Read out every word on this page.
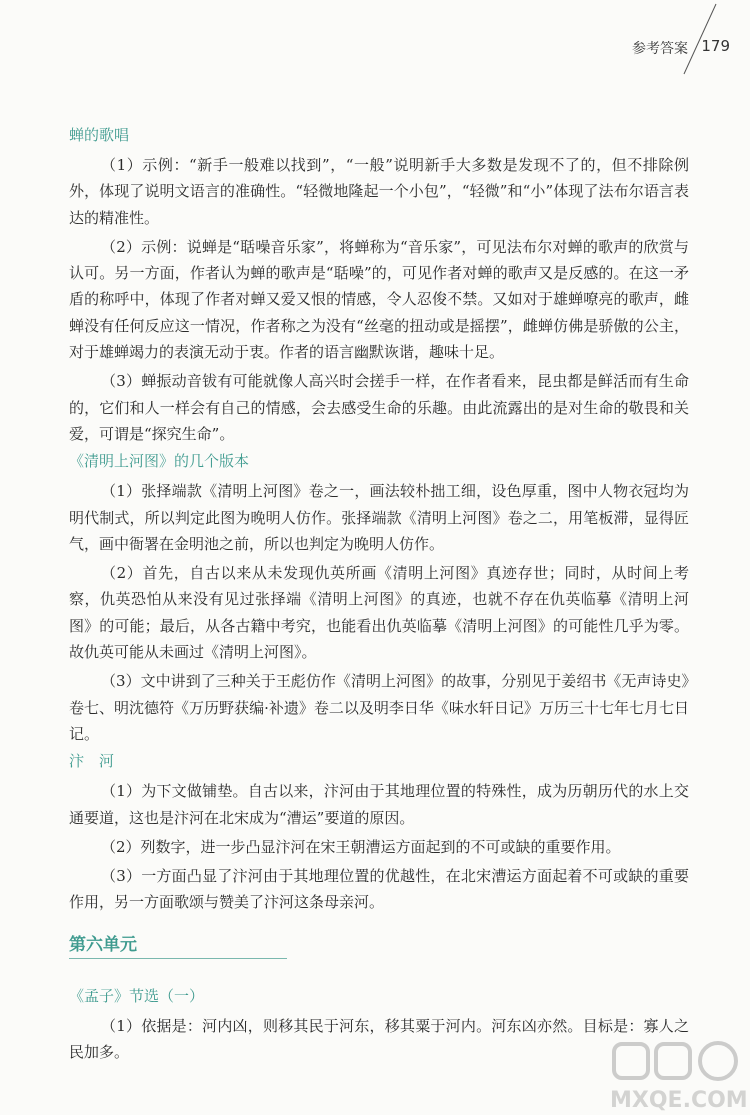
参考答案 179
蝉的歌唱

（1）示例：“新手一般难以找到”，“一般”说明新手大多数是发现不了的，但不排除例外，体现了说明文语言的准确性。“轻微地隆起一个小包”，“轻微”和“小”体现了法布尔语言表达的精准性。

（2）示例：说蝉是“聒噪音乐家”，将蝉称为“音乐家”，可见法布尔对蝉的歌声的欣赏与认可。另一方面，作者认为蝉的歌声是“聒噪”的，可见作者对蝉的歌声又是反感的。在这一矛盾的称呼中，体现了作者对蝉又爱又恨的情感，令人忍俊不禁。又如对于雄蝉嘹亮的歌声，雌蝉没有任何反应这一情况，作者称之为没有“丝毫的扭动或是摇摆”，雌蝉仿佛是骄傲的公主，对于雄蝉竭力的表演无动于衷。作者的语言幽默诙谐，趣味十足。

（3）蝉振动音钹有可能就像人高兴时会搓手一样，在作者看来，昆虫都是鲜活而有生命的，它们和人一样会有自己的情感，会去感受生命的乐趣。由此流露出的是对生命的敬畏和关爱，可谓是“探究生命”。

《清明上河图》的几个版本

（1）张择端款《清明上河图》卷之一，画法较朴拙工细，设色厚重，图中人物衣冠均为明代制式，所以判定此图为晚明人仿作。张择端款《清明上河图》卷之二，用笔板滞，显得匠气，画中衙署在金明池之前，所以也判定为晚明人仿作。

（2）首先，自古以来从未发现仇英所画《清明上河图》真迹存世；同时，从时间上考察，仇英恐怕从来没有见过张择端《清明上河图》的真迹，也就不存在仇英临摹《清明上河图》的可能；最后，从各古籍中考究，也能看出仇英临摹《清明上河图》的可能性几乎为零。故仇英可能从未画过《清明上河图》。

（3）文中讲到了三种关于王彪仿作《清明上河图》的故事，分别见于姜绍书《无声诗史》卷七、明沈德符《万历野获编·补遗》卷二以及明李日华《味水轩日记》万历三十七年七月七日记。

汴　河

（1）为下文做铺垫。自古以来，汴河由于其地理位置的特殊性，成为历朝历代的水上交通要道，这也是汴河在北宋成为“漕运”要道的原因。

（2）列数字，进一步凸显汴河在宋王朝漕运方面起到的不可或缺的重要作用。

（3）一方面凸显了汴河由于其地理位置的优越性，在北宋漕运方面起着不可或缺的重要作用，另一方面歌颂与赞美了汴河这条母亲河。

第六单元
《孟子》节选（一）

（1）依据是：河内凶，则移其民于河东，移其粟于河内。河东凶亦然。目标是：寡人之民加多。

MXQE.COM
